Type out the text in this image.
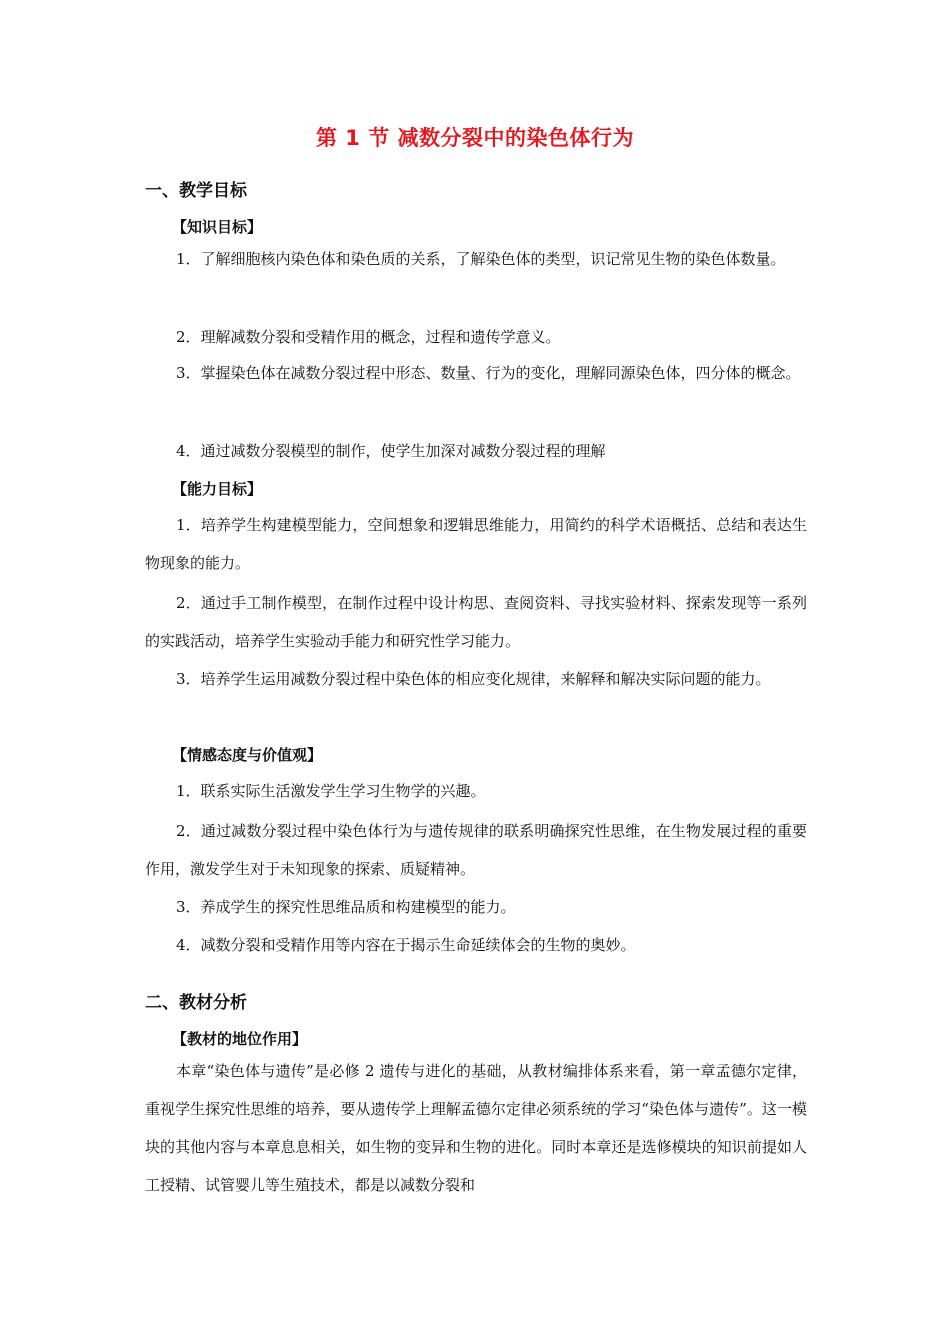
第 1 节 减数分裂中的染色体行为
一、教学目标
【知识目标】
1．了解细胞核内染色体和染色质的关系，了解染色体的类型，识记常见生物的染色体数量。
2．理解减数分裂和受精作用的概念，过程和遗传学意义。
3．掌握染色体在减数分裂过程中形态、数量、行为的变化，理解同源染色体，四分体的概念。
4．通过减数分裂模型的制作，使学生加深对减数分裂过程的理解
【能力目标】
1．培养学生构建模型能力，空间想象和逻辑思维能力，用简约的科学术语概括、总结和表达生物现象的能力。
2．通过手工制作模型，在制作过程中设计构思、查阅资料、寻找实验材料、探索发现等一系列的实践活动，培养学生实验动手能力和研究性学习能力。
3．培养学生运用减数分裂过程中染色体的相应变化规律，来解释和解决实际问题的能力。
【情感态度与价值观】
1．联系实际生活激发学生学习生物学的兴趣。
2．通过减数分裂过程中染色体行为与遗传规律的联系明确探究性思维，在生物发展过程的重要作用，激发学生对于未知现象的探索、质疑精神。
3．养成学生的探究性思维品质和构建模型的能力。
4．减数分裂和受精作用等内容在于揭示生命延续体会的生物的奥妙。
二、教材分析
【教材的地位作用】
本章“染色体与遗传”是必修 2 遗传与进化的基础，从教材编排体系来看，第一章孟德尔定律，重视学生探究性思维的培养，要从遗传学上理解孟德尔定律必须系统的学习“染色体与遗传”。这一模块的其他内容与本章息息相关，如生物的变异和生物的进化。同时本章还是选修模块的知识前提如人工授精、试管婴儿等生殖技术，都是以减数分裂和
